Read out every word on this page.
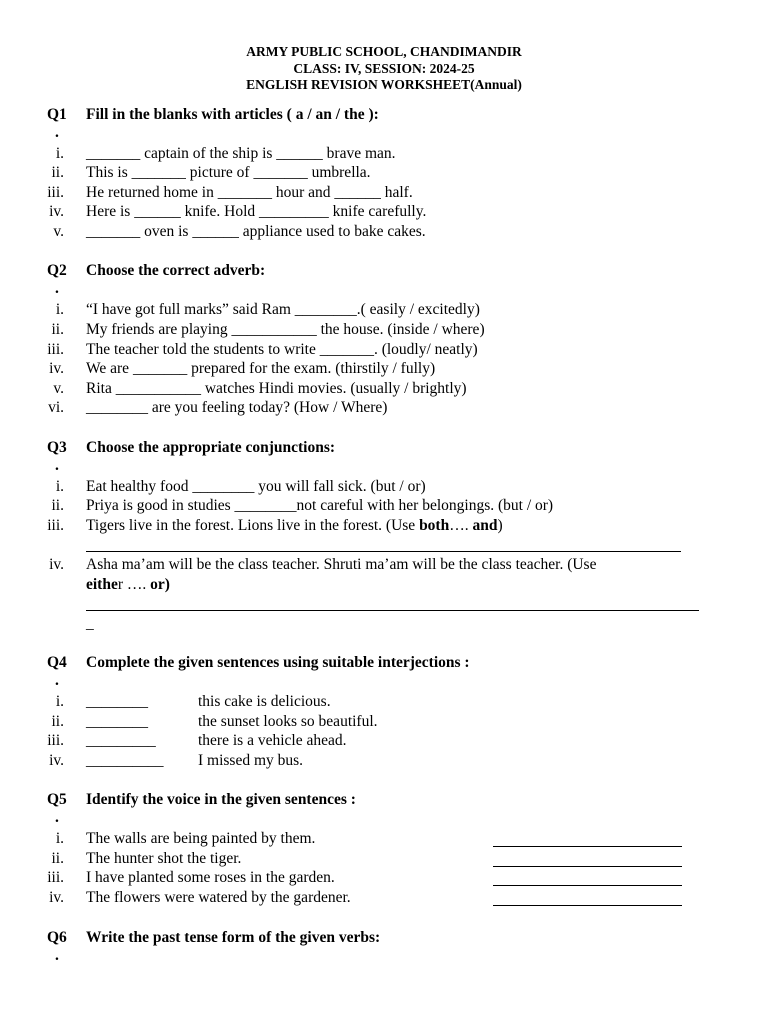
ARMY PUBLIC SCHOOL, CHANDIMANDIR
CLASS: IV, SESSION: 2024-25
ENGLISH REVISION WORKSHEET(Annual)
Q1 Fill in the blanks with articles ( a / an / the ):
.
i. _______ captain of the ship is ______ brave man.
ii. This is _______ picture of _______ umbrella.
iii. He returned home in _______ hour and ______ half.
iv. Here is ______ knife. Hold _________ knife carefully.
v. _______ oven is ______ appliance used to bake cakes.
Q2 Choose the correct adverb:
.
i. “I have got full marks” said Ram ________.( easily / excitedly)
ii. My friends are playing ___________ the house. (inside / where)
iii. The teacher told the students to write _______. (loudly/ neatly)
iv. We are _______ prepared for the exam. (thirstily / fully)
v. Rita ___________ watches Hindi movies. (usually / brightly)
vi. ________ are you feeling today? (How / Where)
Q3 Choose the appropriate conjunctions:
.
i. Eat healthy food ________ you will fall sick. (but / or)
ii. Priya is good in studies ________not careful with her belongings. (but / or)
iii. Tigers live in the forest. Lions live in the forest. (Use both…. and)
iv. Asha ma’am will be the class teacher. Shruti ma’am will be the class teacher. (Use
either …. or)
_
Q4 Complete the given sentences using suitable interjections :
.
i. ________	this cake is delicious.
ii. ________	the sunset looks so beautiful.
iii. _________	there is a vehicle ahead.
iv. __________ I missed my bus.
Q5 Identify the voice in the given sentences :
.
i. The walls are being painted by them.
ii. The hunter shot the tiger.
iii. I have planted some roses in the garden.
iv. The flowers were watered by the gardener.
Q6 Write the past tense form of the given verbs:
.
